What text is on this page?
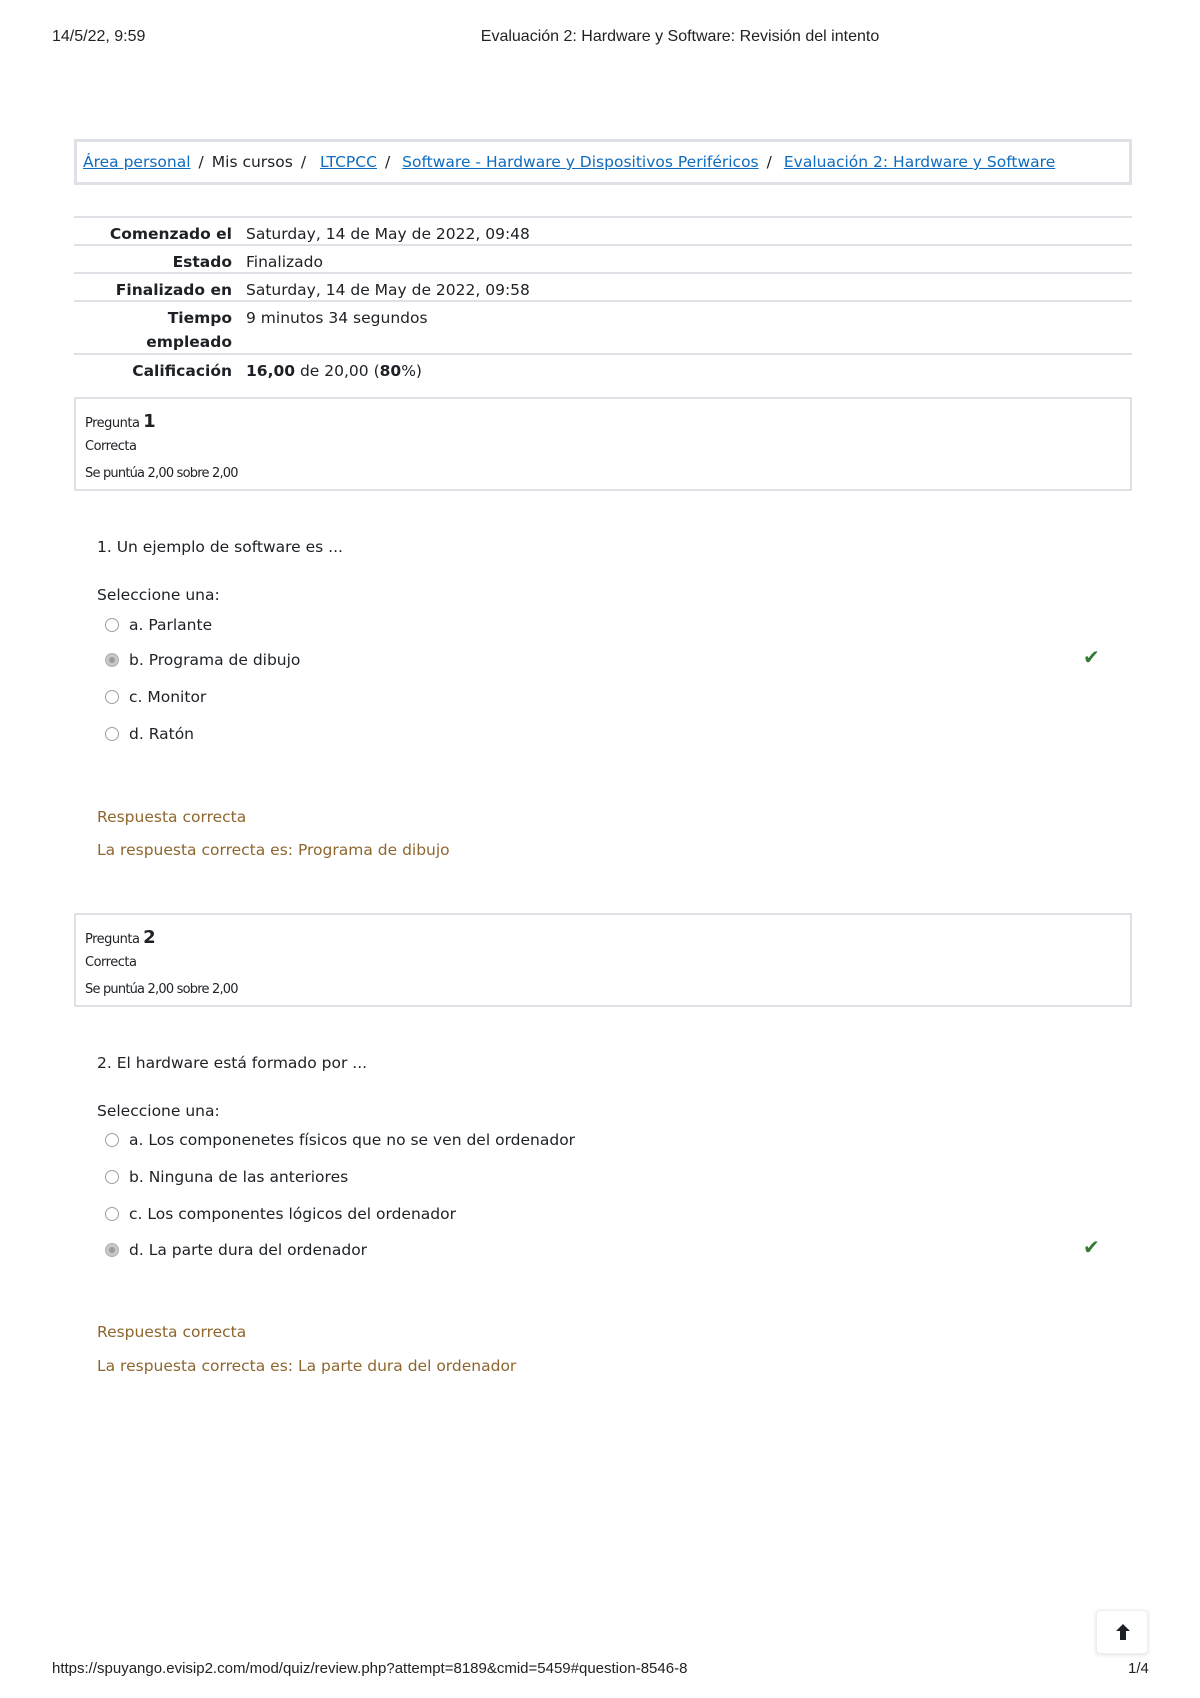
14/5/22, 9:59	Evaluación 2: Hardware y Software: Revisión del intento
Área personal / Mis cursos / LTCPCC / Software - Hardware y Dispositivos Periféricos / Evaluación 2: Hardware y Software
Comenzado el Saturday, 14 de May de 2022, 09:48
Estado Finalizado
Finalizado en Saturday, 14 de May de 2022, 09:58
Tiempo
empleado
9 minutos 34 segundos
Calificación 16,00 de 20,00 (80%)
Pregunta 1
Correcta
Se puntúa 2,00 sobre 2,00
1. Un ejemplo de software es ...
Seleccione una:
a. Parlante
b. Programa de dibujo	✔
c. Monitor
d. Ratón
Respuesta correcta
La respuesta correcta es: Programa de dibujo
Pregunta 2
Correcta
Se puntúa 2,00 sobre 2,00
2. El hardware está formado por ...
Seleccione una:
a. Los componenetes físicos que no se ven del ordenador
b. Ninguna de las anteriores
c. Los componentes lógicos del ordenador
d. La parte dura del ordenador	✔
Respuesta correcta
La respuesta correcta es: La parte dura del ordenador
https://spuyango.evisip2.com/mod/quiz/review.php?attempt=8189&cmid=5459#question-8546-8	1/4
